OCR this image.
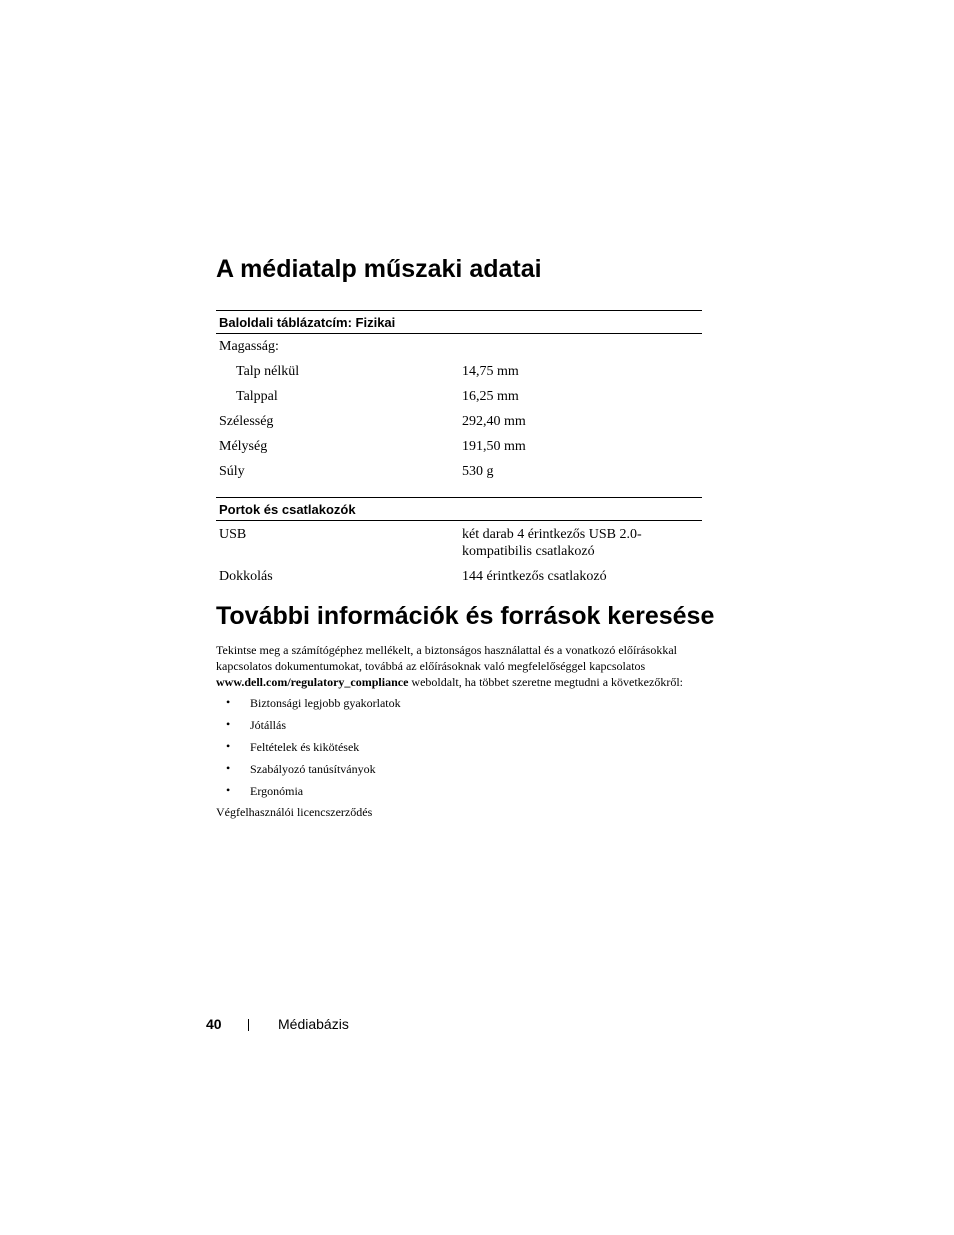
A médiatalp műszaki adatai
Baloldali táblázatcím: Fizikai
Magasság:
Talp nélkül	14,75 mm
Talppal	16,25 mm
Szélesség	292,40 mm
Mélység	191,50 mm
Súly	530 g
Portok és csatlakozók
USB	két darab 4 érintkezős USB 2.0-kompatibilis csatlakozó
Dokkolás	144 érintkezős csatlakozó
További információk és források keresése

Tekintse meg a számítógéphez mellékelt, a biztonságos használattal és a vonatkozó előírásokkal kapcsolatos dokumentumokat, továbbá az előírásoknak való megfelelőséggel kapcsolatos www.dell.com/regulatory_compliance weboldalt, ha többet szeretne megtudni a következőkről:

• Biztonsági legjobb gyakorlatok
• Jótállás
• Feltételek és kikötések
• Szabályozó tanúsítványok
• Ergonómia
Végfelhasználói licencszerződés
40	Médiabázis
